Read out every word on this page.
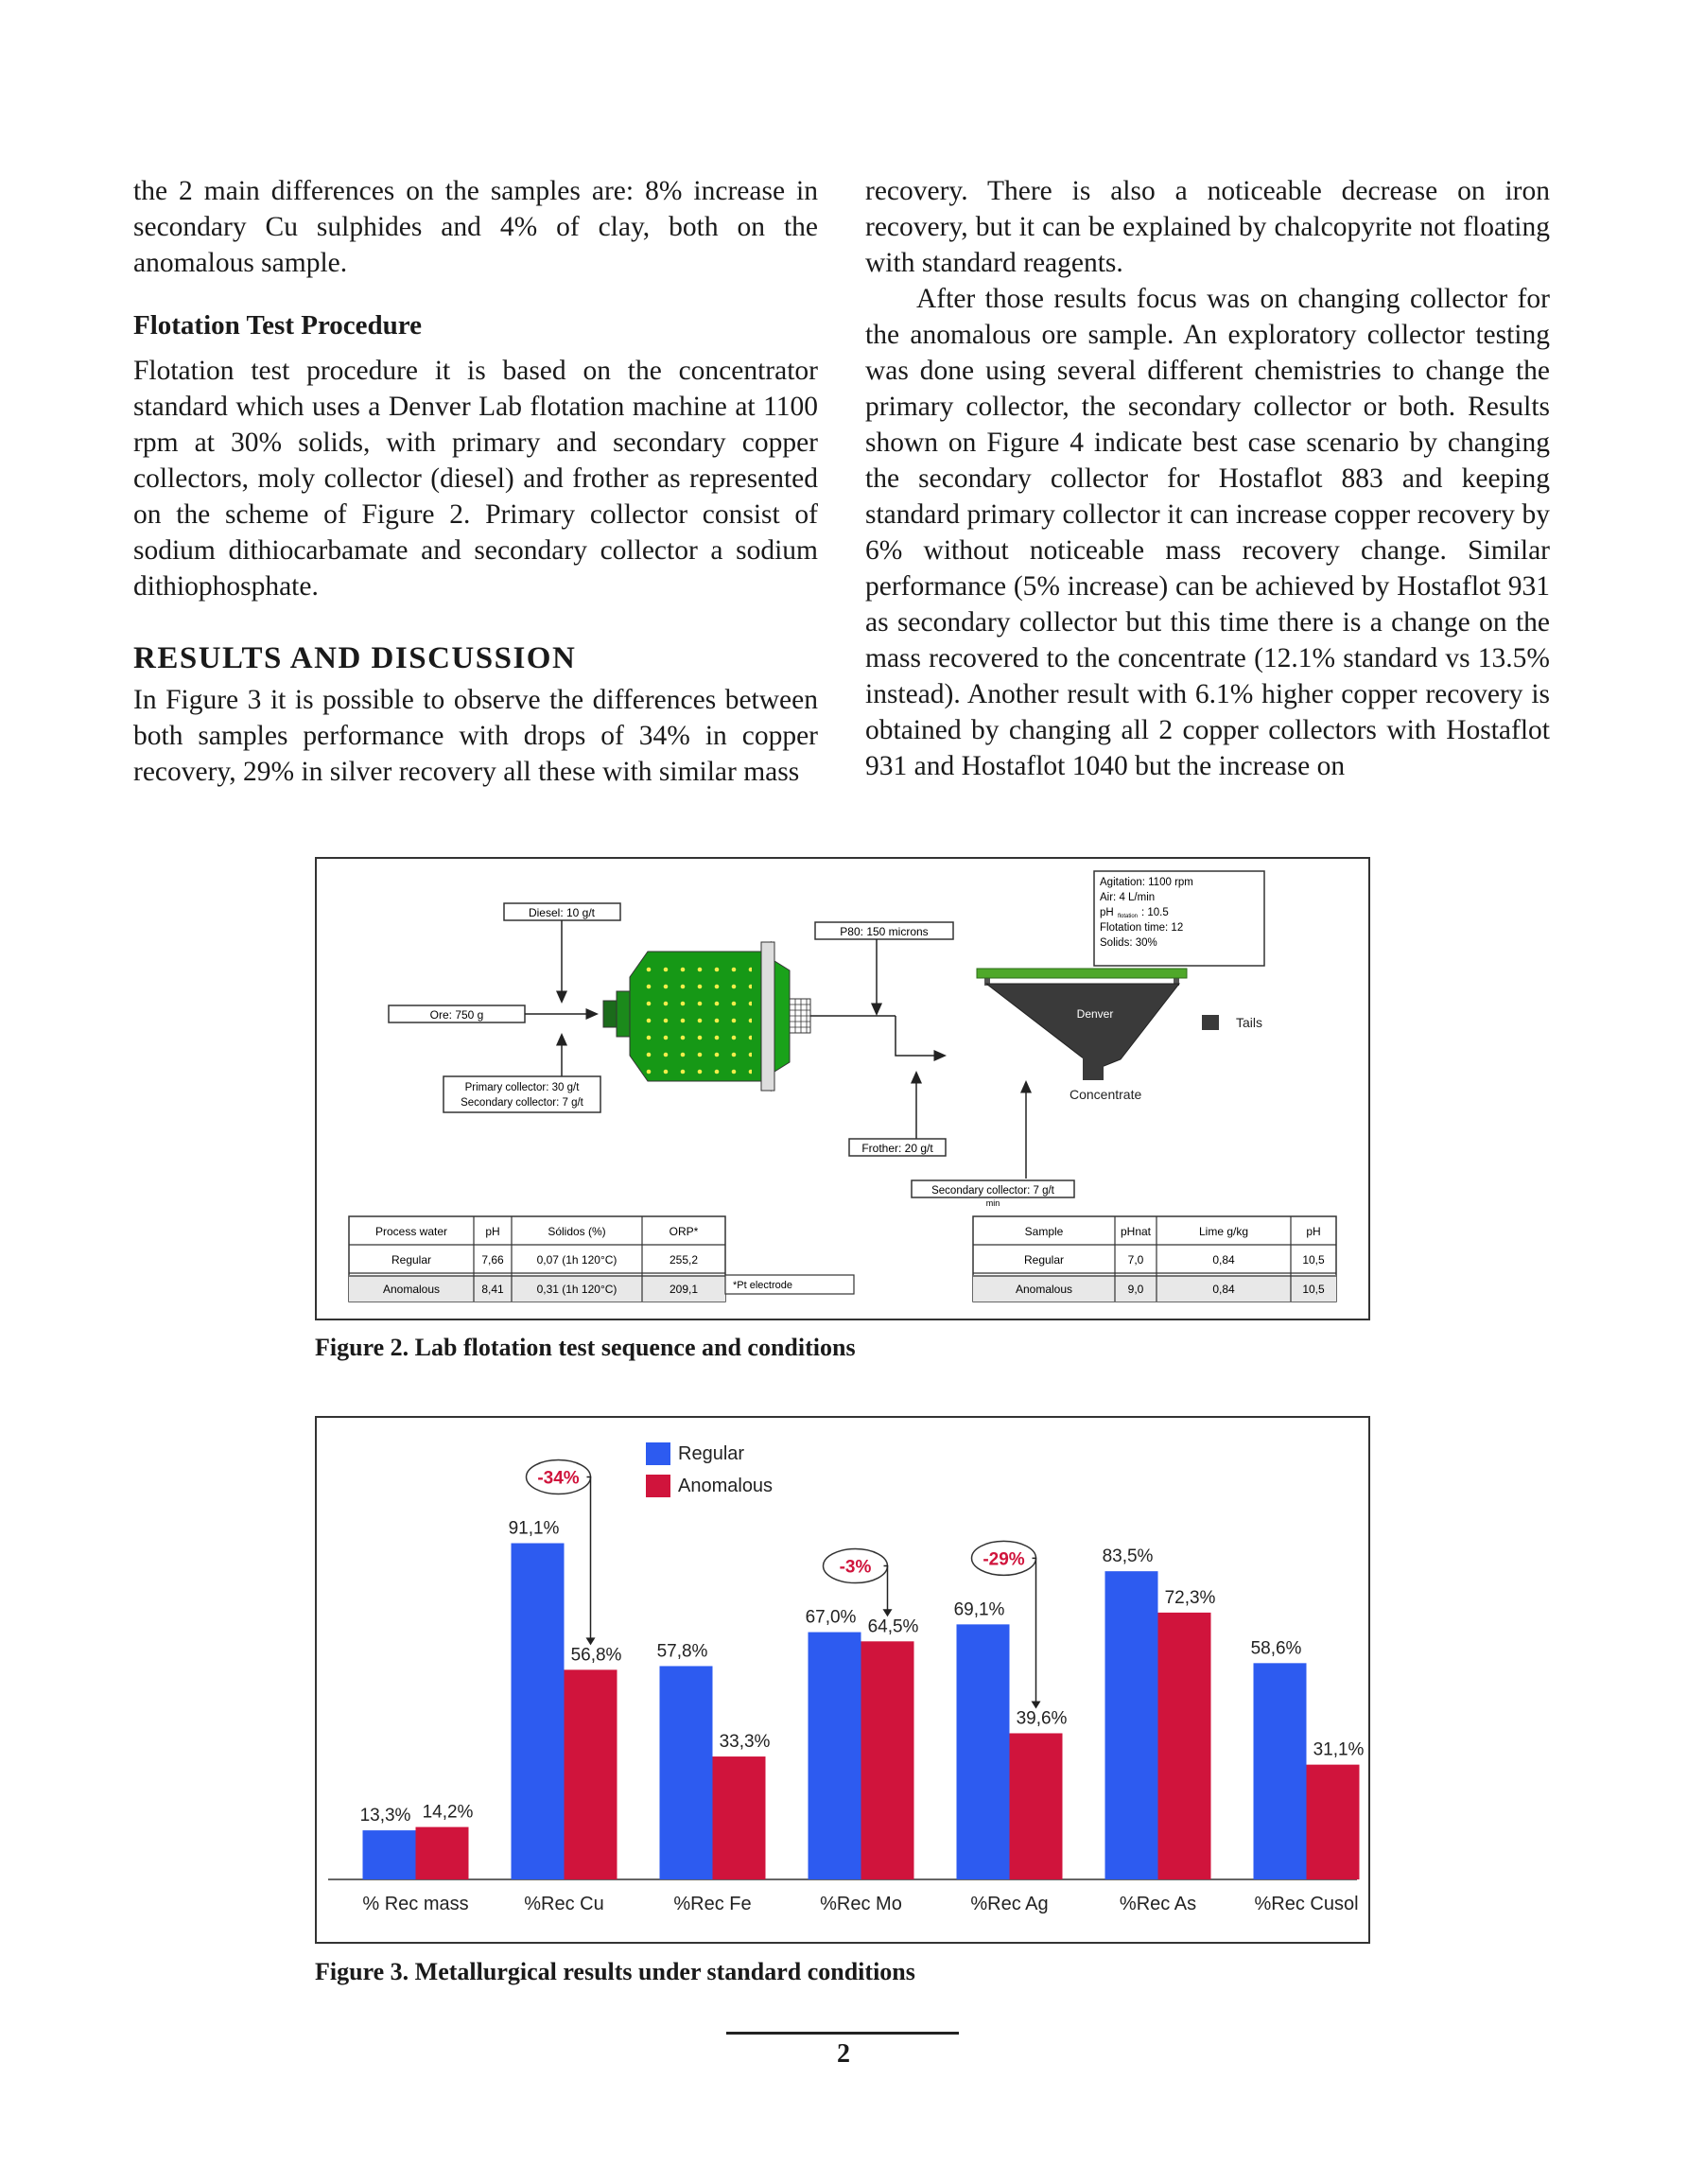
the 2 main differences on the samples are: 8% increase in secondary Cu sulphides and 4% of clay, both on the anomalous sample.

Flotation Test Procedure

Flotation test procedure it is based on the concentrator standard which uses a Denver Lab flotation machine at 1100 rpm at 30% solids, with primary and secondary copper collectors, moly collector (diesel) and frother as represented on the scheme of Figure 2. Primary collector consist of sodium dithiocarbamate and secondary collector a sodium dithiophosphate.

RESULTS AND DISCUSSION

In Figure 3 it is possible to observe the differences between both samples performance with drops of 34% in copper recovery, 29% in silver recovery all these with similar mass

recovery. There is also a noticeable decrease on iron recovery, but it can be explained by chalcopyrite not floating with standard reagents.

After those results focus was on changing collector for the anomalous ore sample. An exploratory collector testing was done using several different chemistries to change the primary collector, the secondary collector or both. Results shown on Figure 4 indicate best case scenario by changing the secondary collector for Hostaflot 883 and keeping standard primary collector it can increase copper recovery by 6% without noticeable mass recovery change. Similar performance (5% increase) can be achieved by Hostaflot 931 as secondary collector but this time there is a change on the mass recovered to the concentrate (12.1% standard vs 13.5% instead). Another result with 6.1% higher copper recovery is obtained by changing all 2 copper collectors with Hostaflot 931 and Hostaflot 1040 but the increase on

Diesel: 10 g/t
Ore: 750 g
Primary collector: 30 g/t
Secondary collector: 7 g/t
P80: 150 microns
Frother: 20 g/t
Agitation: 1100 rpm
Air: 4 L/min
pH flotation : 10.5
Flotation time: 12
Solids: 30%
Denver
Tails
Concentrate
Secondary collector: 7 g/t
min
Process water	pH	Sólidos (%)	ORP*
Regular	7,66	0,07 (1h 120°C)	255,2
Anomalous	8,41	0,31 (1h 120°C)	209,1	*Pt electrode
Sample	pHnat	Lime g/kg	pH
Regular	7,0	0,84	10,5
Anomalous	9,0	0,84	10,5
Figure 2. Lab flotation test sequence and conditions
Regular
Anomalous
13,3% 14,2%
% Rec mass
91,1%
56,8%
%Rec Cu
57,8%
33,3%
%Rec Fe
67,0% 64,5%
%Rec Mo
69,1%
39,6%
%Rec Ag
83,5%
72,3%
%Rec As
58,6%
31,1%
%Rec Cusol
-34%
-3%	-29%
Figure 3. Metallurgical results under standard conditions
2
